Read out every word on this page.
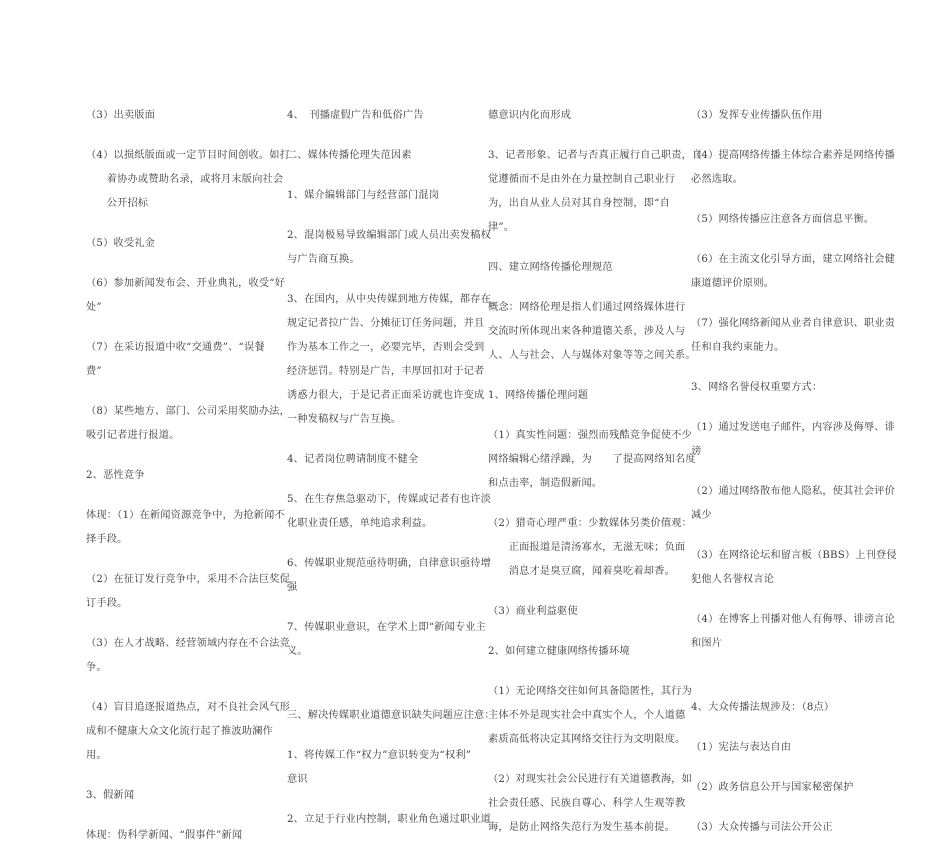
（3）出卖版面

（4）以损纸版面或一定节目时间创收。如打

　　着协办或赞助名录，或将月末版向社会

　　公开招标

（5）收受礼金

（6）参加新闻发布会、开业典礼，收受“好

处”

（7）在采访报道中收“交通费”、“误餐

费”

（8）某些地方、部门、公司采用奖励办法，

吸引记者进行报道。

2、恶性竞争

体现：（1）在新闻资源竞争中，为抢新闻不

择手段。

（2）在征订发行竞争中，采用不合法巨奖促

订手段。

（3）在人才战略、经营领域内存在不合法竞

争。

（4）盲目追逐报道热点，对不良社会风气形

成和不健康大众文化流行起了推波助澜作

用。

3、假新闻

体现：伪科学新闻、“假事件”新闻

4、　刊播虚假广告和低俗广告

二、媒体传播伦理失范因素

1、媒介编辑部门与经营部门混岗

2、混岗极易导致编辑部门或人员出卖发稿权

与广告商互换。

3、在国内，从中央传媒到地方传媒，都存在

规定记者拉广告、分摊征订任务问题，并且

作为基本工作之一，必要完毕，否则会受到

经济惩罚。特别是广告，丰厚回扣对于记者

诱惑力很大，于是记者正面采访就也许变成

一种发稿权与广告互换。

4、记者岗位聘请制度不健全

5、在生存焦急驱动下，传媒或记者有也许淡

化职业责任感，单纯追求利益。

6、传媒职业规范亟待明确，自律意识亟待增

强

7、传媒职业意识，在学术上即“新闻专业主

义。

三、解决传媒职业道德意识缺失问题应注意：

1、将传媒工作“权力”意识转变为“权利”

意识

2、立足于行业内控制，职业角色通过职业道

德意识内化而形成

3、记者形象、记者与否真正履行自己职责，自

觉遵循而不是由外在力量控制自己职业行

为，出自从业人员对其自身控制，即“自

律”。

四、建立网络传播伦理规范

概念：网络伦理是指人们通过网络媒体进行

交流时所体现出来各种道德关系，涉及人与

人、人与社会、人与媒体对象等等之间关系。

1、网络传播伦理问题

（1）真实性问题：强烈而残酷竞争促使不少

网络编辑心绪浮躁，为　　了提高网络知名度

和点击率，制造假新闻。

（2）猎奇心理严重：少数媒体另类价值观：

　　正面报道是清汤寡水，无滋无味；负面

　　消息才是臭豆腐，闻着臭吃着却香。

（3）商业利益驱使

2、如何建立健康网络传播环境

（1）无论网络交往如何具备隐匿性，其行为

主体不外是现实社会中真实个人，个人道德

素质高低将决定其网络交往行为文明限度。

（2）对现实社会公民进行有关道德教海，如

社会责任感、民族自尊心、科学人生观等教

诲，是防止网络失范行为发生基本前提。

（3）发挥专业传播队伍作用

（4）提高网络传播主体综合素养是网络传播

必然选取。

（5）网络传播应注意各方面信息平衡。

（6）在主流文化引导方面，建立网络社会健

康道德评价原则。

（7）强化网络新闻从业者自律意识、职业责

任和自我约束能力。

3、网络名誉侵权重要方式：

（1）通过发送电子邮件，内容涉及侮辱、诽

谤

（2）通过网络散布他人隐私，使其社会评价

减少

（3）在网络论坛和留言板（BBS）上刊登侵

犯他人名誉权言论

（4）在博客上刊播对他人有侮辱、诽谤言论

和图片

4、大众传播法规涉及：（8点）

（1）宪法与表达自由

（2）政务信息公开与国家秘密保护

（3）大众传播与司法公开公正
